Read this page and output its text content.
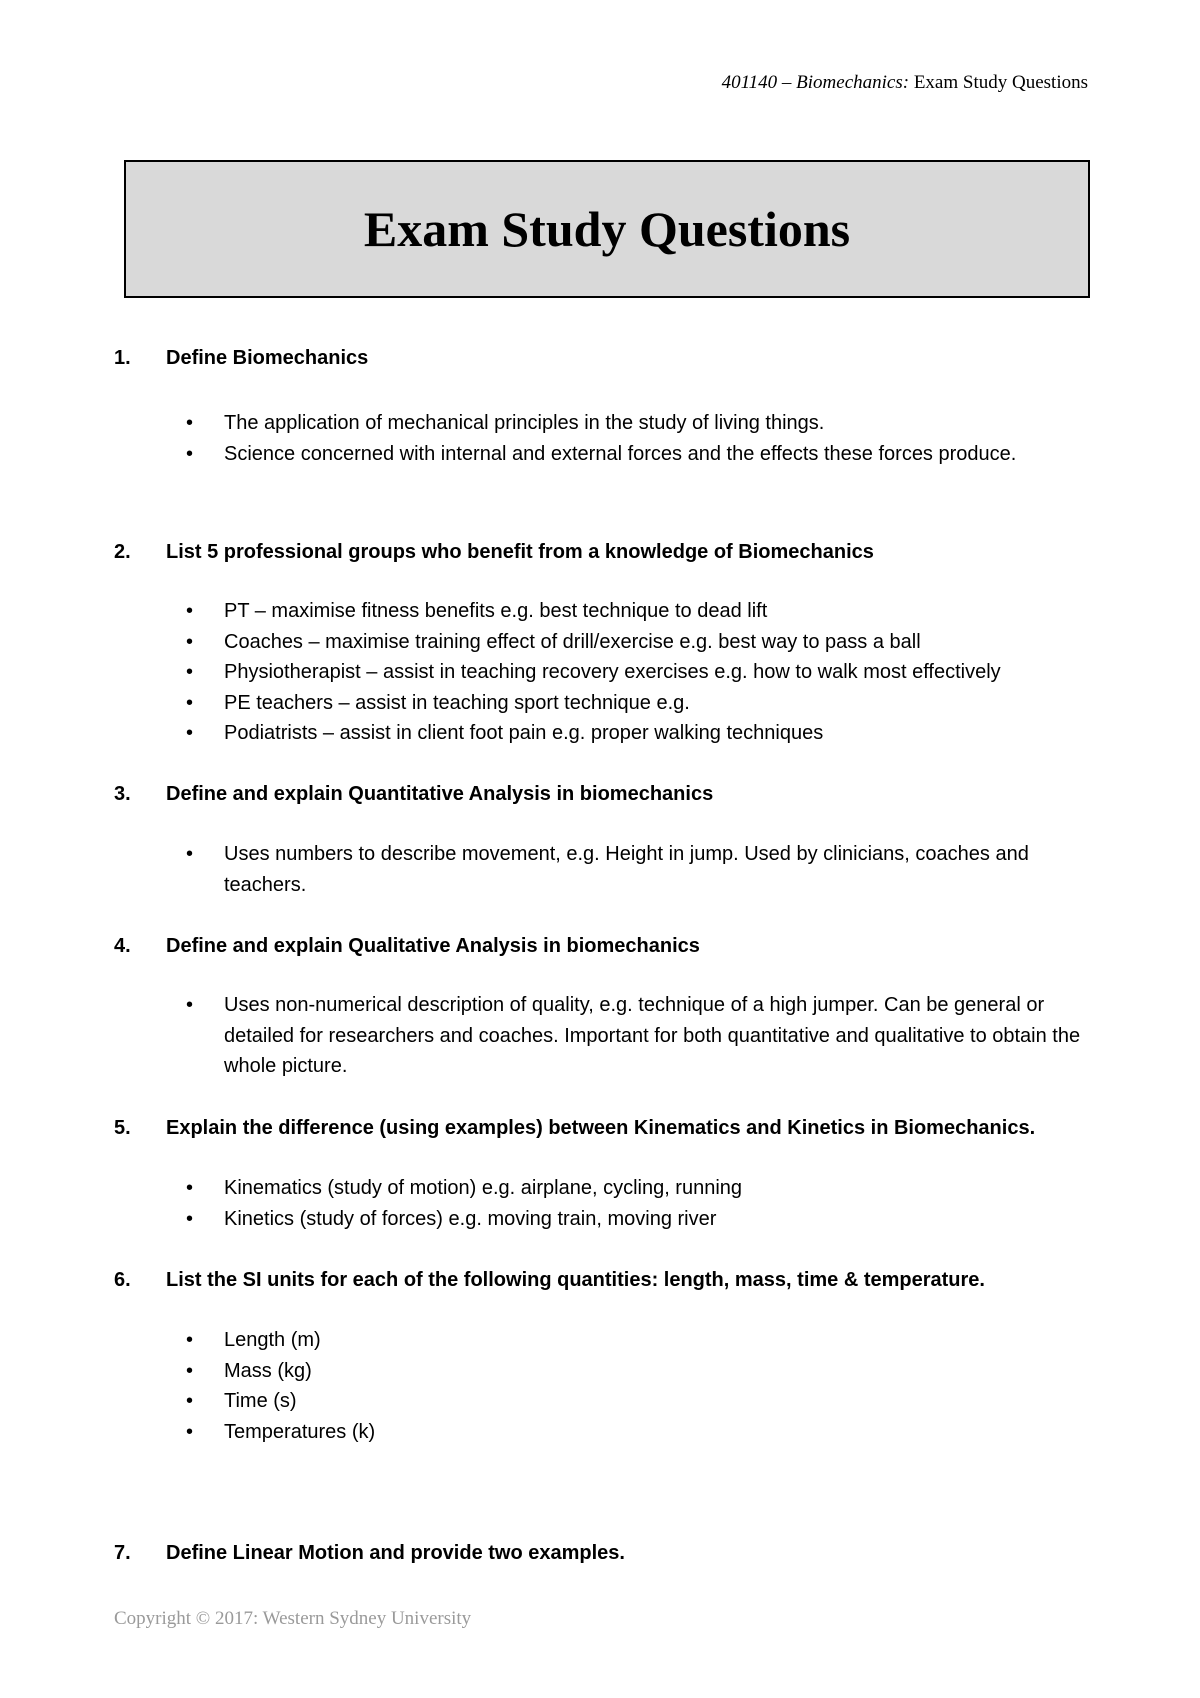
401140 – Biomechanics: Exam Study Questions
Exam Study Questions
1.	Define Biomechanics
• The application of mechanical principles in the study of living things.
• Science concerned with internal and external forces and the effects these forces produce.
2.	List 5 professional groups who benefit from a knowledge of Biomechanics
• PT – maximise fitness benefits e.g. best technique to dead lift
• Coaches – maximise training effect of drill/exercise e.g. best way to pass a ball
• Physiotherapist – assist in teaching recovery exercises e.g. how to walk most effectively
• PE teachers – assist in teaching sport technique e.g.
• Podiatrists – assist in client foot pain e.g. proper walking techniques
3.	Define and explain Quantitative Analysis in biomechanics
• Uses numbers to describe movement, e.g. Height in jump. Used by clinicians, coaches and teachers.
4.	Define and explain Qualitative Analysis in biomechanics
• Uses non-numerical description of quality, e.g. technique of a high jumper. Can be general or detailed for researchers and coaches. Important for both quantitative and qualitative to obtain the whole picture.
5.	Explain the difference (using examples) between Kinematics and Kinetics in Biomechanics.
• Kinematics (study of motion) e.g. airplane, cycling, running
• Kinetics (study of forces) e.g. moving train, moving river
6.	List the SI units for each of the following quantities: length, mass, time & temperature.
• Length (m)
• Mass (kg)
• Time (s)
• Temperatures (k)
7.	Define Linear Motion and provide two examples.
Copyright © 2017: Western Sydney University
